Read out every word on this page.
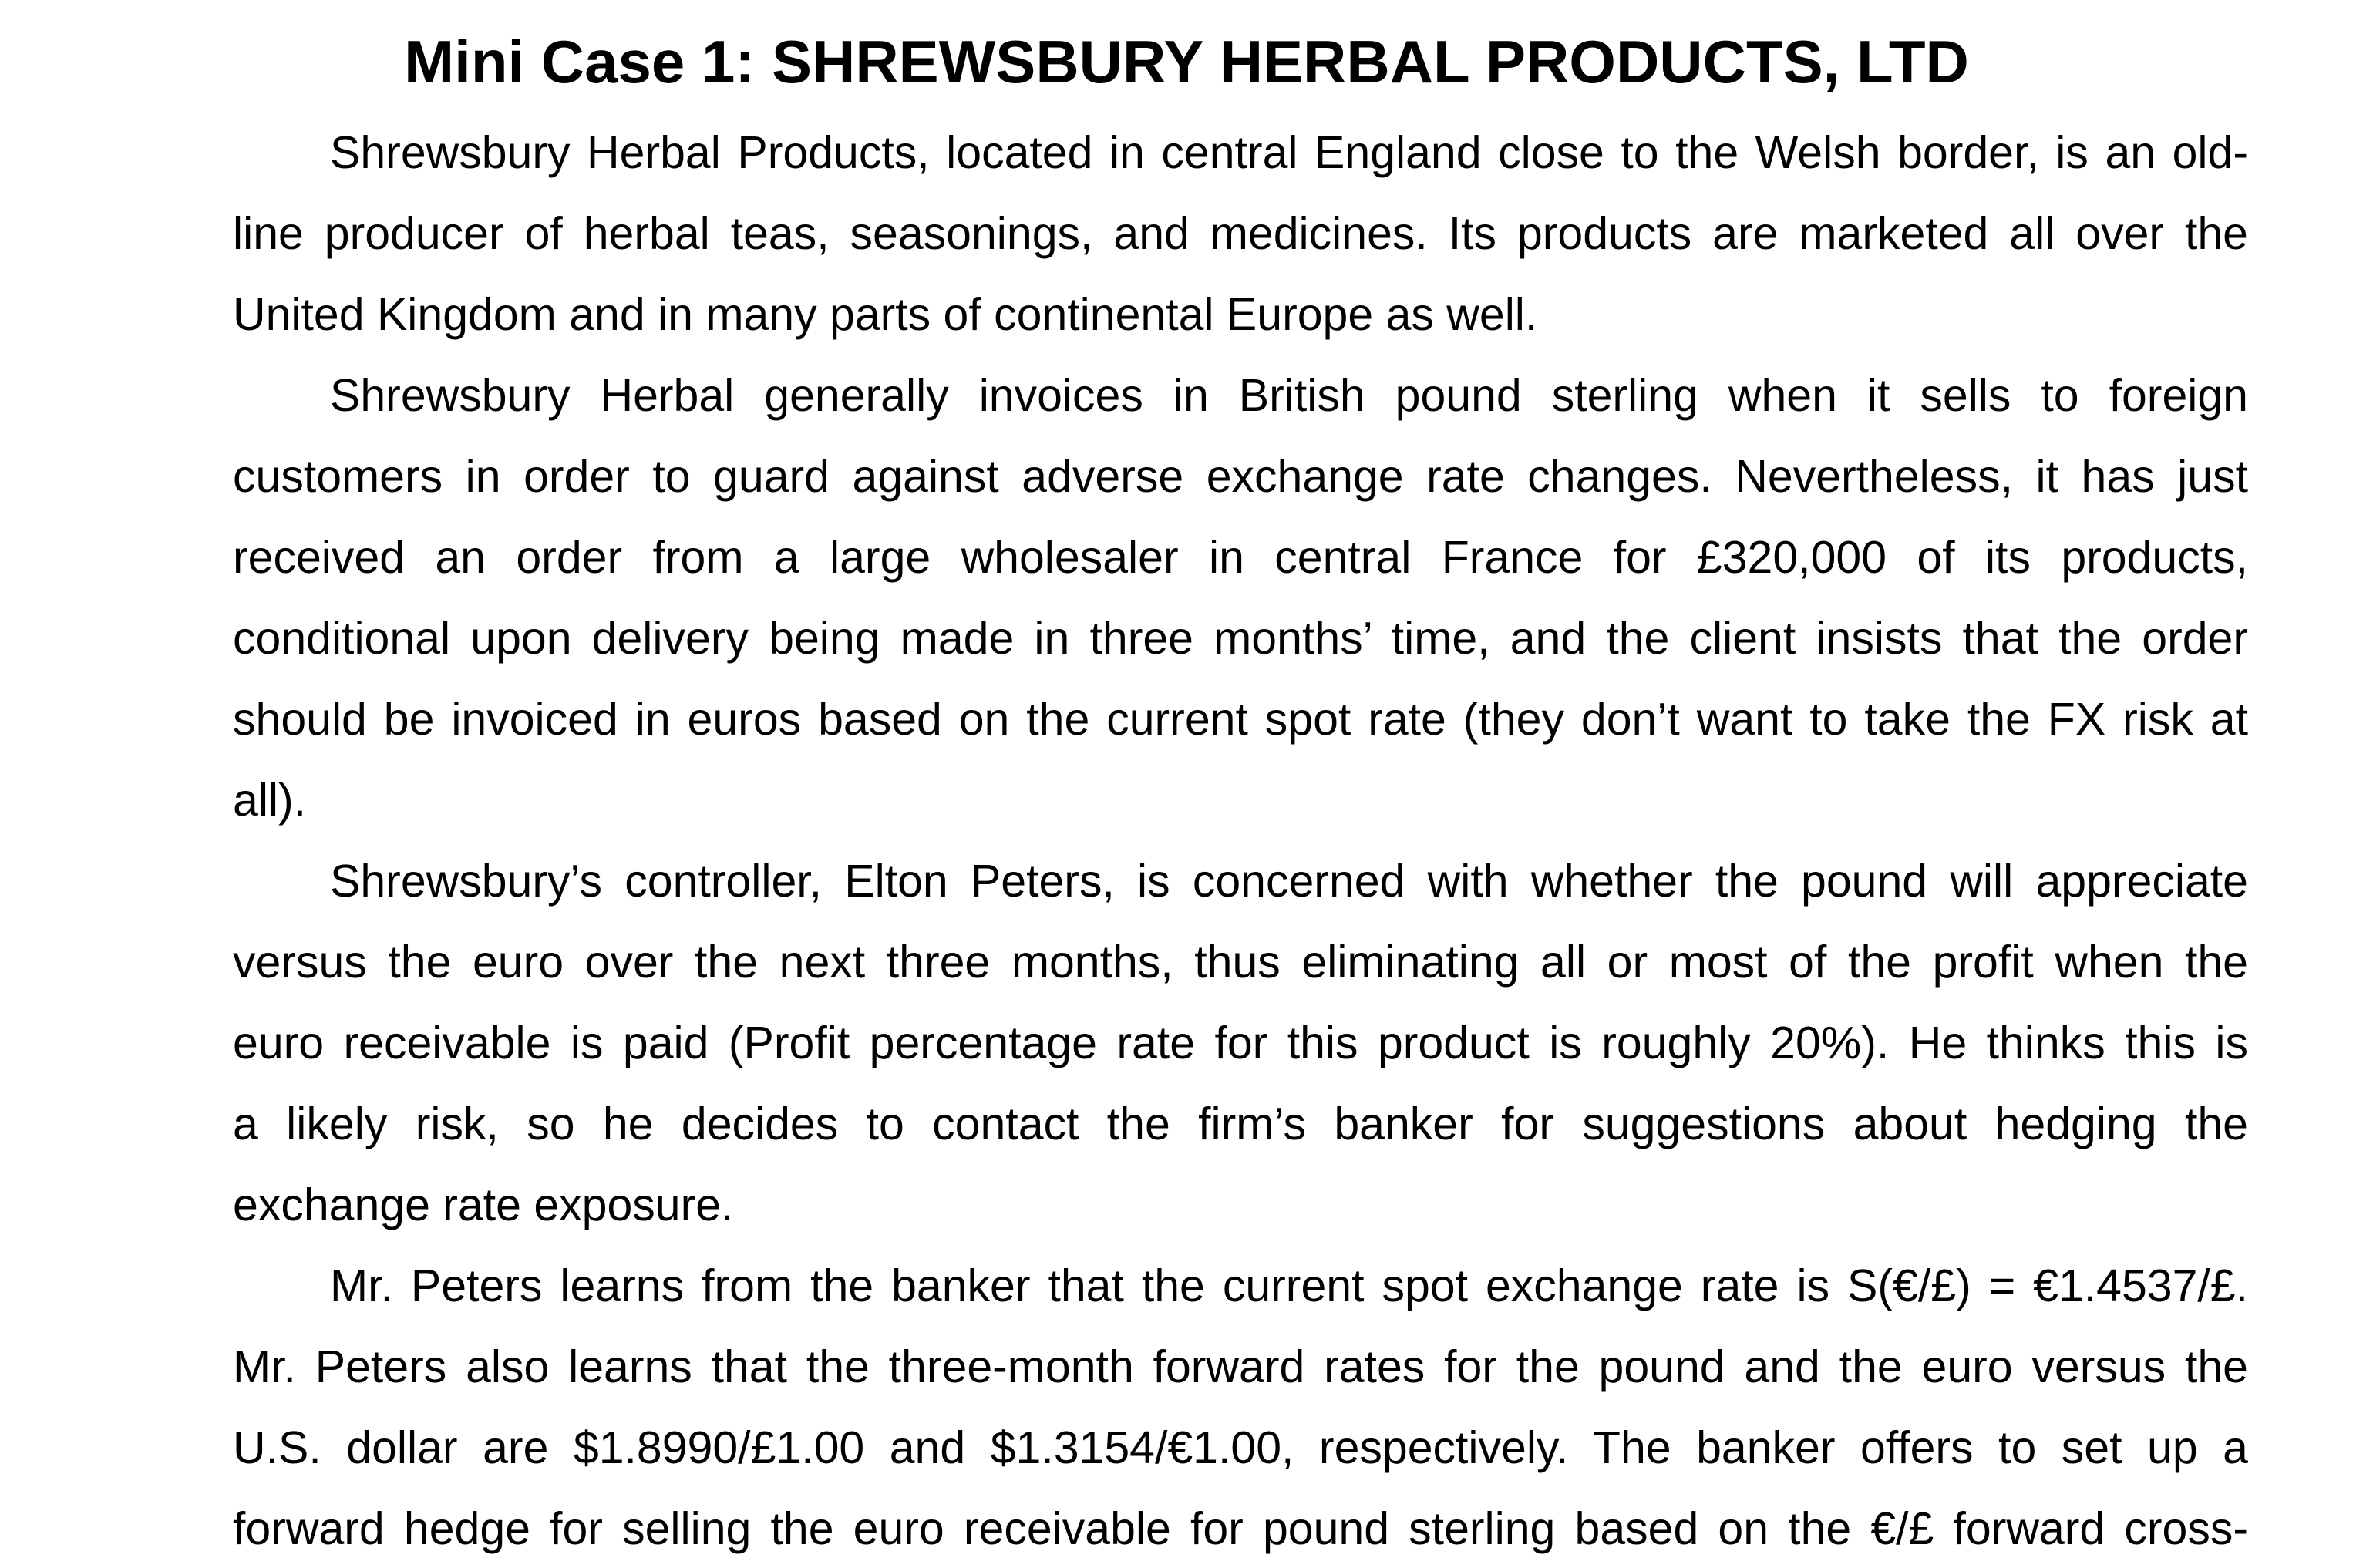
Mini Case 1: SHREWSBURY HERBAL PRODUCTS, LTD

Shrewsbury Herbal Products, located in central England close to the Welsh border, is an old-

line producer of herbal teas, seasonings, and medicines. Its products are marketed all over the

United Kingdom and in many parts of continental Europe as well.

Shrewsbury Herbal generally invoices in British pound sterling when it sells to foreign

customers in order to guard against adverse exchange rate changes. Nevertheless, it has just

received an order from a large wholesaler in central France for £320,000 of its products,

conditional upon delivery being made in three months’ time, and the client insists that the order

should be invoiced in euros based on the current spot rate (they don’t want to take the FX risk at

all).

Shrewsbury’s controller, Elton Peters, is concerned with whether the pound will appreciate

versus the euro over the next three months, thus eliminating all or most of the profit when the

euro receivable is paid (Profit percentage rate for this product is roughly 20%). He thinks this is

a likely risk, so he decides to contact the firm’s banker for suggestions about hedging the

exchange rate exposure.

Mr. Peters learns from the banker that the current spot exchange rate is S(€/£) = €1.4537/£.

Mr. Peters also learns that the three-month forward rates for the pound and the euro versus the

U.S. dollar are $1.8990/£1.00 and $1.3154/€1.00, respectively. The banker offers to set up a

forward hedge for selling the euro receivable for pound sterling based on the €/£ forward cross-
